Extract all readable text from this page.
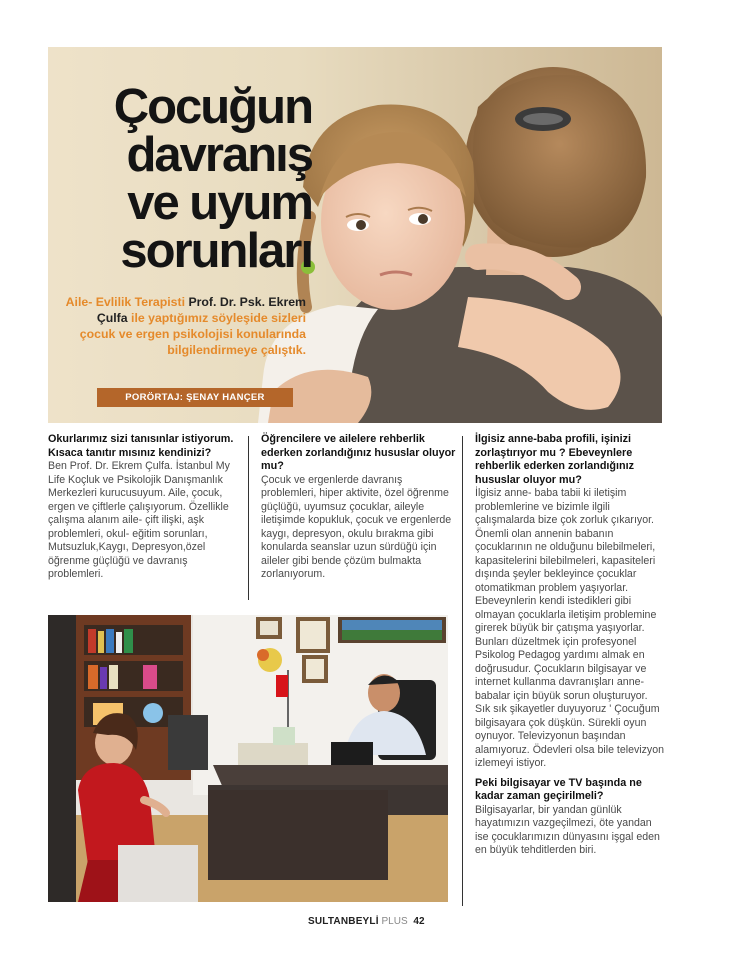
Çocuğun
davranış
ve uyum
sorunları

Aile- Evlilik Terapisti Prof. Dr. Psk. Ekrem Çulfa ile yaptığımız söyleşide sizleri çocuk ve ergen psikolojisi konularında bilgilendirmeye çalıştık.

PORÖRTAJ: ŞENAY HANÇER
Okurlarımız sizi tanısınlar istiyorum. Kısaca tanıtır mısınız kendinizi?

Ben Prof. Dr. Ekrem Çulfa. İstanbul My Life Koçluk ve Psikolojik Danışmanlık Merkezleri kurucusuyum. Aile, çocuk, ergen ve çiftlerle çalışıyorum. Özellikle çalışma alanım aile- çift ilişki, aşk problemleri, okul- eğitim sorunları, Mutsuzluk,Kaygı, Depresyon,özel öğrenme güçlüğü ve davranış problemleri.

Öğrencilere ve ailelere rehberlik ederken zorlandığınız hususlar oluyor mu?

Çocuk ve ergenlerde davranış problemleri, hiper aktivite, özel öğrenme güçlüğü, uyumsuz çocuklar, aileyle iletişimde kopukluk, çocuk ve ergenlerde kaygı, depresyon, okulu bırakma gibi konularda seanslar uzun sürdüğü için aileler gibi bende çözüm bulmakta zorlanıyorum.

İlgisiz anne-baba profili, işinizi zorlaştırıyor mu ? Ebeveynlere rehberlik ederken zorlandığınız hususlar oluyor mu?

İlgisiz anne- baba tabii ki iletişim problemlerine ve bizimle ilgili çalışmalarda bize çok zorluk çıkarıyor. Önemli olan annenin babanın çocuklarının ne olduğunu bilebilmeleri, kapasitelerini bilebilmeleri, kapasiteleri dışında şeyler bekleyince çocuklar otomatikman problem yaşıyorlar. Ebeveynlerin kendi istedikleri gibi olmayan çocuklarla iletişim problemine girerek büyük bir çatışma yaşıyorlar. Bunları düzeltmek için profesyonel Psikolog Pedagog yardımı almak en doğrusudur. Çocukların bilgisayar ve internet kullanma davranışları anne-babalar için büyük sorun oluşturuyor. Sık sık şikayetler duyuyoruz ' Çocuğum bilgisayara çok düşkün. Sürekli oyun oynuyor. Televizyonun başından alamıyoruz. Ödevleri olsa bile televizyon izlemeyi istiyor.

Peki bilgisayar ve TV başında ne kadar zaman geçirilmeli?

Bilgisayarlar, bir yandan günlük hayatımızın vazgeçilmezi, öte yandan ise çocuklarımızın dünyasını işgal eden en büyük tehditlerden biri.

SULTANBEYLİ PLUS 42
